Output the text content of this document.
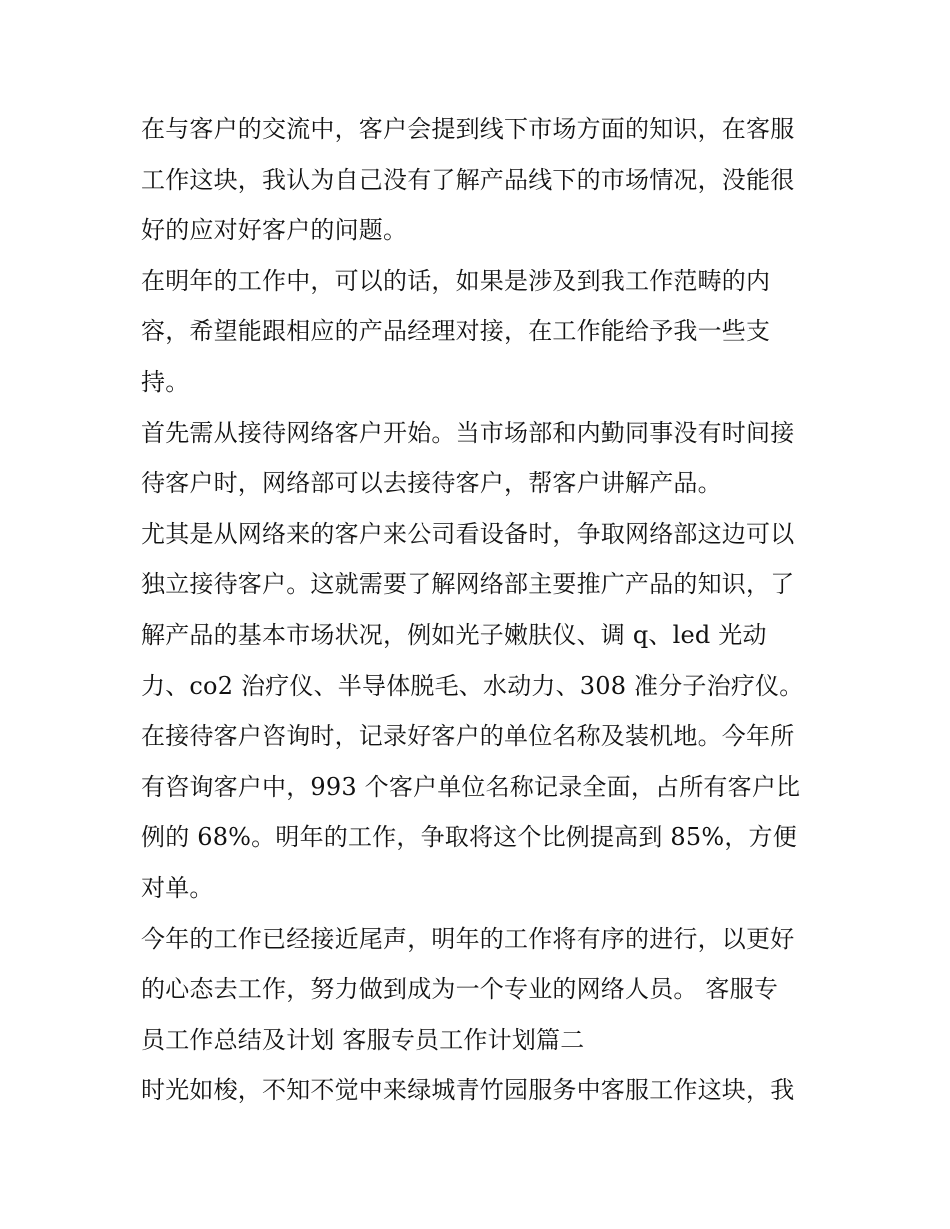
在与客户的交流中，客户会提到线下市场方面的知识，在客服
工作这块，我认为自己没有了解产品线下的市场情况，没能很
好的应对好客户的问题。
在明年的工作中，可以的话，如果是涉及到我工作范畴的内
容，希望能跟相应的产品经理对接，在工作能给予我一些支
持。
首先需从接待网络客户开始。当市场部和内勤同事没有时间接
待客户时，网络部可以去接待客户，帮客户讲解产品。
尤其是从网络来的客户来公司看设备时，争取网络部这边可以
独立接待客户。这就需要了解网络部主要推广产品的知识，了
解产品的基本市场状况，例如光子嫩肤仪、调 q、led 光动
力、co2 治疗仪、半导体脱毛、水动力、308 准分子治疗仪。
在接待客户咨询时，记录好客户的单位名称及装机地。今年所
有咨询客户中，993 个客户单位名称记录全面，占所有客户比
例的 68%。明年的工作，争取将这个比例提高到 85%，方便
对单。
今年的工作已经接近尾声，明年的工作将有序的进行，以更好
的心态去工作，努力做到成为一个专业的网络人员。 客服专
员工作总结及计划 客服专员工作计划篇二
时光如梭，不知不觉中来绿城青竹园服务中客服工作这块，我
